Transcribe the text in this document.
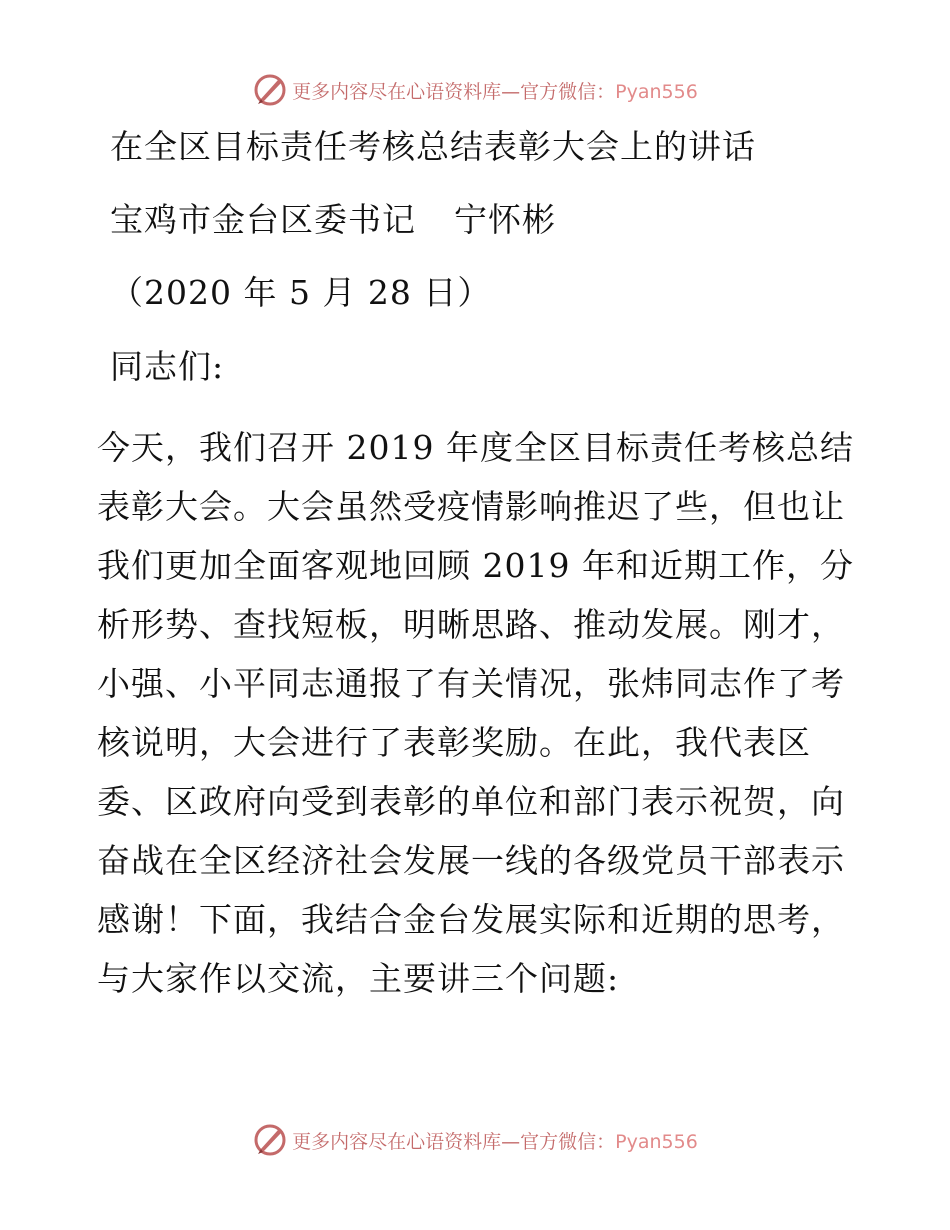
更多内容尽在心语资料库—官方微信：Pyan556
在全区目标责任考核总结表彰大会上的讲话
宝鸡市金台区委书记 宁怀彬
（2020 年 5 月 28 日）
同志们:
今天，我们召开 2019 年度全区目标责任考核总结
表彰大会。大会虽然受疫情影响推迟了些，但也让
我们更加全面客观地回顾 2019 年和近期工作，分
析形势、查找短板，明晰思路、推动发展。刚才，
小强、小平同志通报了有关情况，张炜同志作了考
核说明，大会进行了表彰奖励。在此，我代表区
委、区政府向受到表彰的单位和部门表示祝贺，向
奋战在全区经济社会发展一线的各级党员干部表示
感谢！下面，我结合金台发展实际和近期的思考，
与大家作以交流，主要讲三个问题:
更多内容尽在心语资料库—官方微信：Pyan556
